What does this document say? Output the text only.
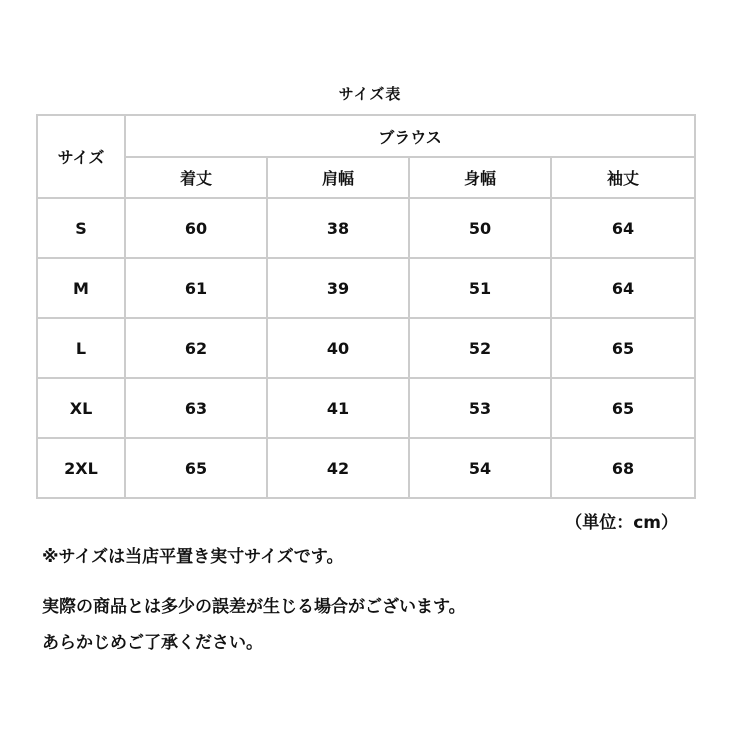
サイズ表
サイズ	ブラウス			
	着丈	肩幅	身幅	袖丈
S	60	38	50	64
M	61	39	51	64
L	62	40	52	65
XL	63	41	53	65
2XL	65	42	54	68
（単位：cm）
※サイズは当店平置き実寸サイズです。
実際の商品とは多少の誤差が生じる場合がございます。
あらかじめご了承ください。
